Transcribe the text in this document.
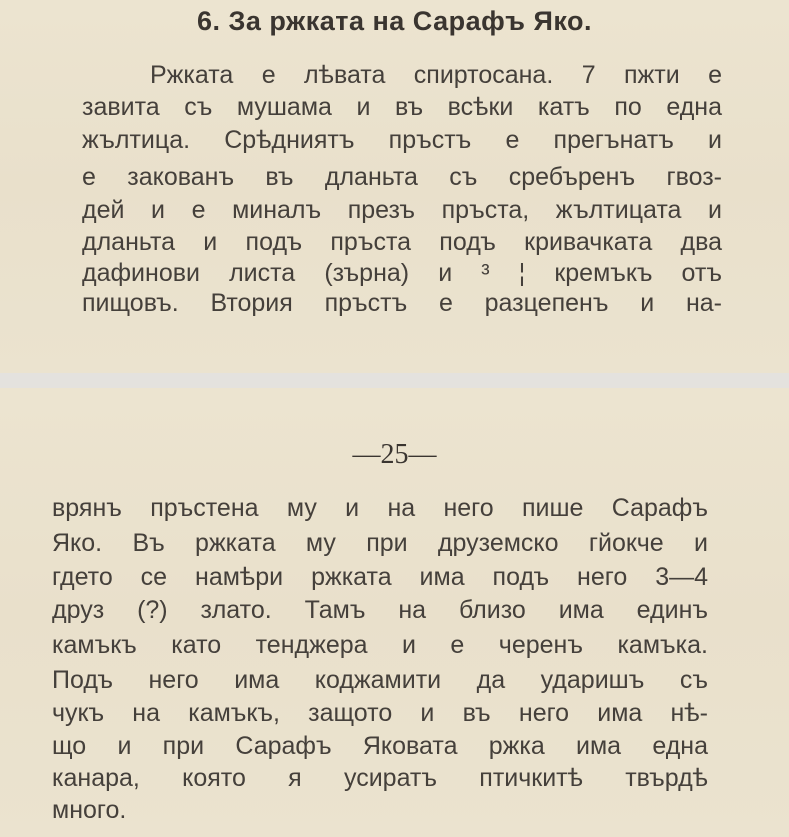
6. За ржката на Сарафъ Яко.
Ржката е лѣвата спиртосана. 7 пжти е
завита съ мушама и въ всѣки катъ по една
жълтица. Срѣдниятъ пръстъ е прегънатъ и
е закованъ въ дланьта съ сребъренъ гвоз-
дей и е миналъ презъ пръста, жълтицата и
дланьта и подъ пръста подъ кривачката два
дафинови листа (зърна) и ³ ¦ кремъкъ отъ
пищовъ. Втория пръстъ е разцепенъ и на-
—25—
врянъ пръстена му и на него пише Сарафъ
Яко. Въ ржката му при друземско гйокче и
гдето се намѣри ржката има подъ него 3—4
друз (?) злато. Тамъ на близо има единъ
камъкъ като тенджера и е черенъ камъка.
Подъ него има коджамити да ударишъ съ
чукъ на камъкъ, защото и въ него има нѣ-
що и при Сарафъ Яковата ржка има една
канара, която я усиратъ птичкитѣ твърдѣ
много.
